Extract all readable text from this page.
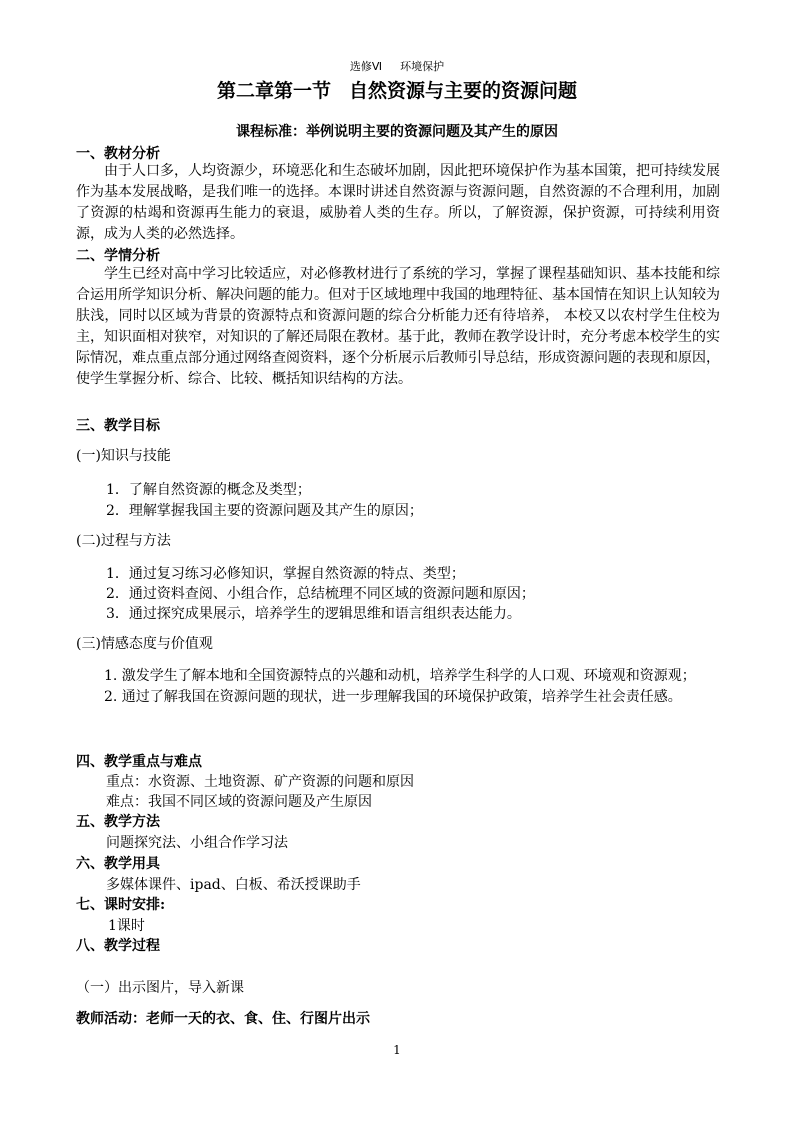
选修Ⅵ 环境保护
第二章第一节 自然资源与主要的资源问题
课程标准：举例说明主要的资源问题及其产生的原因
一、教材分析

由于人口多，人均资源少，环境恶化和生态破坏加剧，因此把环境保护作为基本国策，把可持续发展作为基本发展战略，是我们唯一的选择。本课时讲述自然资源与资源问题，自然资源的不合理利用，加剧了资源的枯竭和资源再生能力的衰退，威胁着人类的生存。所以，了解资源，保护资源，可持续利用资源，成为人类的必然选择。

二、学情分析

学生已经对高中学习比较适应，对必修教材进行了系统的学习，掌握了课程基础知识、基本技能和综合运用所学知识分析、解决问题的能力。但对于区域地理中我国的地理特征、基本国情在知识上认知较为肤浅，同时以区域为背景的资源特点和资源问题的综合分析能力还有待培养， 本校又以农村学生住校为主，知识面相对狭窄，对知识的了解还局限在教材。基于此，教师在教学设计时，充分考虑本校学生的实际情况，难点重点部分通过网络查阅资料，逐个分析展示后教师引导总结，形成资源问题的表现和原因，使学生掌握分析、综合、比较、概括知识结构的方法。

三、教学目标
(一)知识与技能
1．了解自然资源的概念及类型；
2．理解掌握我国主要的资源问题及其产生的原因；
(二)过程与方法
1．通过复习练习必修知识，掌握自然资源的特点、类型；
2．通过资料查阅、小组合作，总结梳理不同区域的资源问题和原因；
3．通过探究成果展示，培养学生的逻辑思维和语言组织表达能力。
(三)情感态度与价值观

1. 激发学生了解本地和全国资源特点的兴趣和动机，培养学生科学的人口观、环境观和资源观；

2. 通过了解我国在资源问题的现状，进一步理解我国的环境保护政策，培养学生社会责任感。

四、教学重点与难点
重点：水资源、土地资源、矿产资源的问题和原因
难点：我国不同区域的资源问题及产生原因
五、教学方法
问题探究法、小组合作学习法
六、教学用具
多媒体课件、ipad、白板、希沃授课助手
七、课时安排:
1课时
八、教学过程
（一）出示图片，导入新课
教师活动：老师一天的衣、食、住、行图片出示
1
